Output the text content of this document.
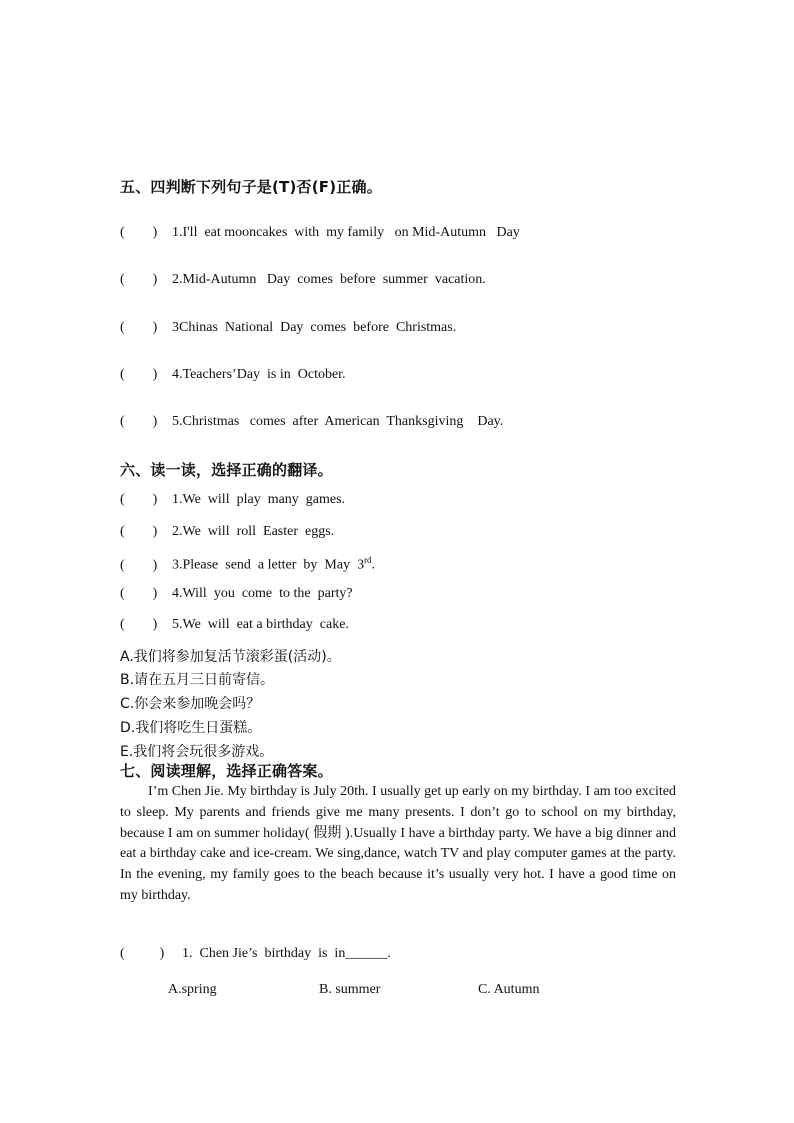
五、四判断下列句子是(T)否(F)正确。
(        ) 1.I'll  eat mooncakes  with  my family   on Mid-Autumn   Day
(        ) 2.Mid-Autumn   Day  comes  before  summer  vacation.
(        ) 3Chinas  National  Day  comes  before  Christmas.
(        ) 4.Teachers’Day  is in  October.
(        ) 5.Christmas   comes  after  American  Thanksgiving    Day.
六、读一读，选择正确的翻译。
(        ) 1.We  will  play  many  games.
(        ) 2.We  will  roll  Easter  eggs.
(        ) 3.Please  send  a letter  by  May  3rd.
(        ) 4.Will  you  come  to the  party?
(        ) 5.We  will  eat a birthday  cake.
A.我们将参加复活节滚彩蛋(活动)。
B.请在五月三日前寄信。
C.你会来参加晚会吗？
D.我们将吃生日蛋糕。
E.我们将会玩很多游戏。
七、阅读理解，选择正确答案。
I’m Chen Jie. My birthday is July 20th. I usually get up early on my birthday. I am too excited to sleep. My parents and friends give me many presents. I don’t go to school on my birthday, because I am on summer holiday( 假期 ).Usually I have a birthday party. We have a big dinner and eat a birthday cake and ice-cream. We sing,dance, watch TV and play computer games at the party. In the evening, my family goes to the beach because it’s usually very hot. I have a good time on my birthday.
(          ) 1.  Chen Jie’s  birthday  is  in______.
A.spring	B. summer	C. Autumn
